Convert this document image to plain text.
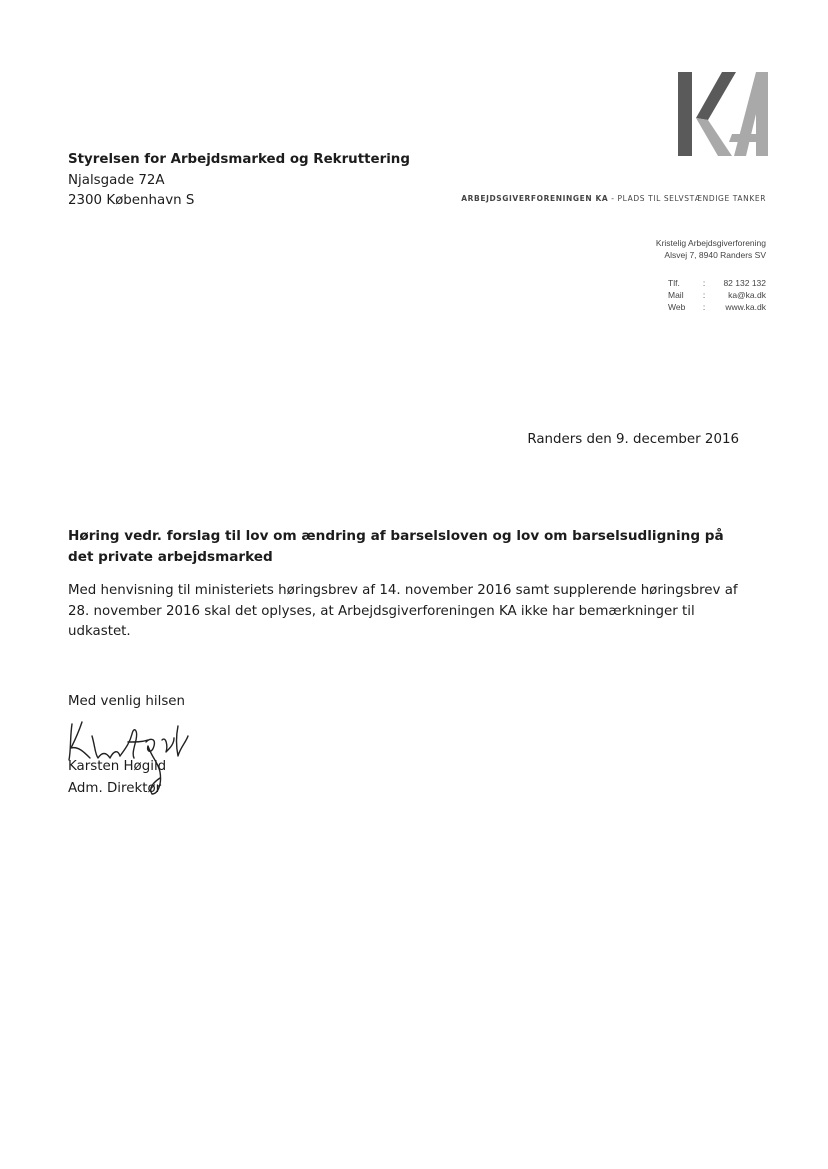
ARBEJDSGIVERFORENINGEN KA - PLADS TIL SELVSTÆNDIGE TANKER
Kristelig Arbejdsgiverforening
Alsvej 7, 8940 Randers SV
Tlf.	:	82 132 132
Mail	:	ka@ka.dk
Web	:	www.ka.dk
Styrelsen for Arbejdsmarked og Rekruttering
Njalsgade 72A
2300 København S
Randers den 9. december 2016
Høring vedr. forslag til lov om ændring af barselsloven og lov om barselsudligning på det private arbejdsmarked
Med henvisning til ministeriets høringsbrev af 14. november 2016 samt supplerende høringsbrev af 28. november 2016 skal det oplyses, at Arbejdsgiverforeningen KA ikke har bemærkninger til udkastet.
Med venlig hilsen
Karsten Høgild
Adm. Direktør
